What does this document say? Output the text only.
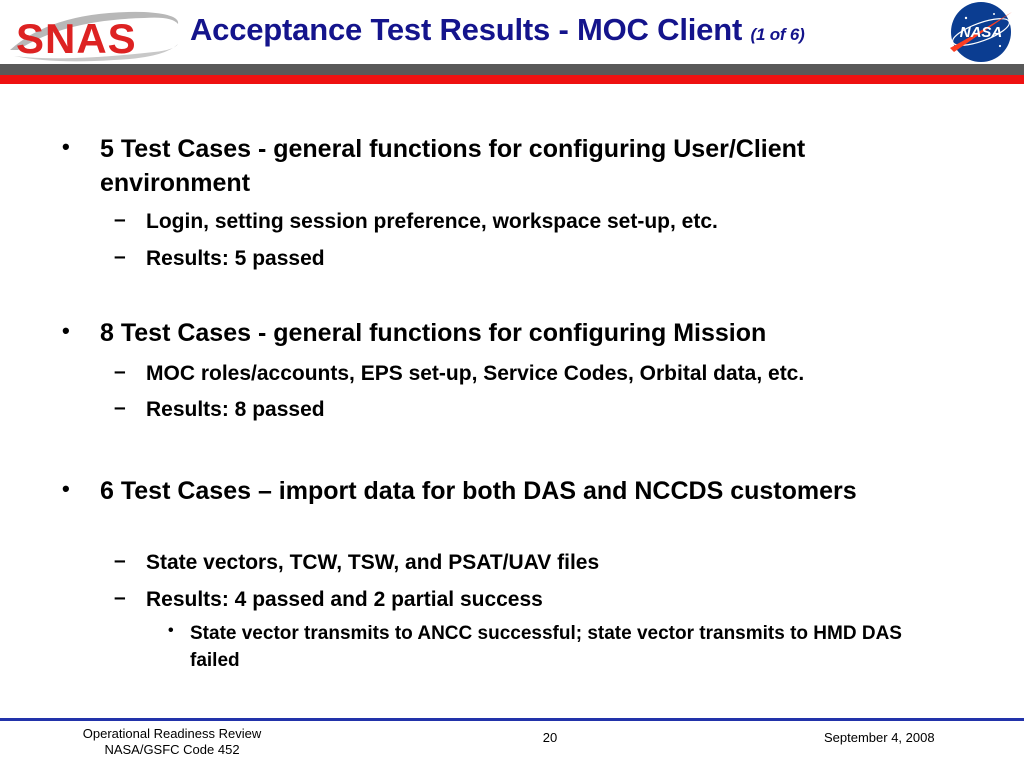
SNAS Acceptance Test Results - MOC Client (1 of 6)	NASA
• 5 Test Cases - general functions for configuring User/Client environment
– Login, setting session preference, workspace set-up, etc.
– Results: 5 passed
• 8 Test Cases - general functions for configuring Mission
– MOC roles/accounts, EPS set-up, Service Codes, Orbital data, etc.
– Results: 8 passed
• 6 Test Cases – import data for both DAS and NCCDS customers
– State vectors, TCW, TSW, and PSAT/UAV files
– Results: 4 passed and 2 partial success
• State vector transmits to ANCC successful; state vector transmits to HMD DAS failed
Operational Readiness Review
NASA/GSFC Code 452
20	September 4, 2008
